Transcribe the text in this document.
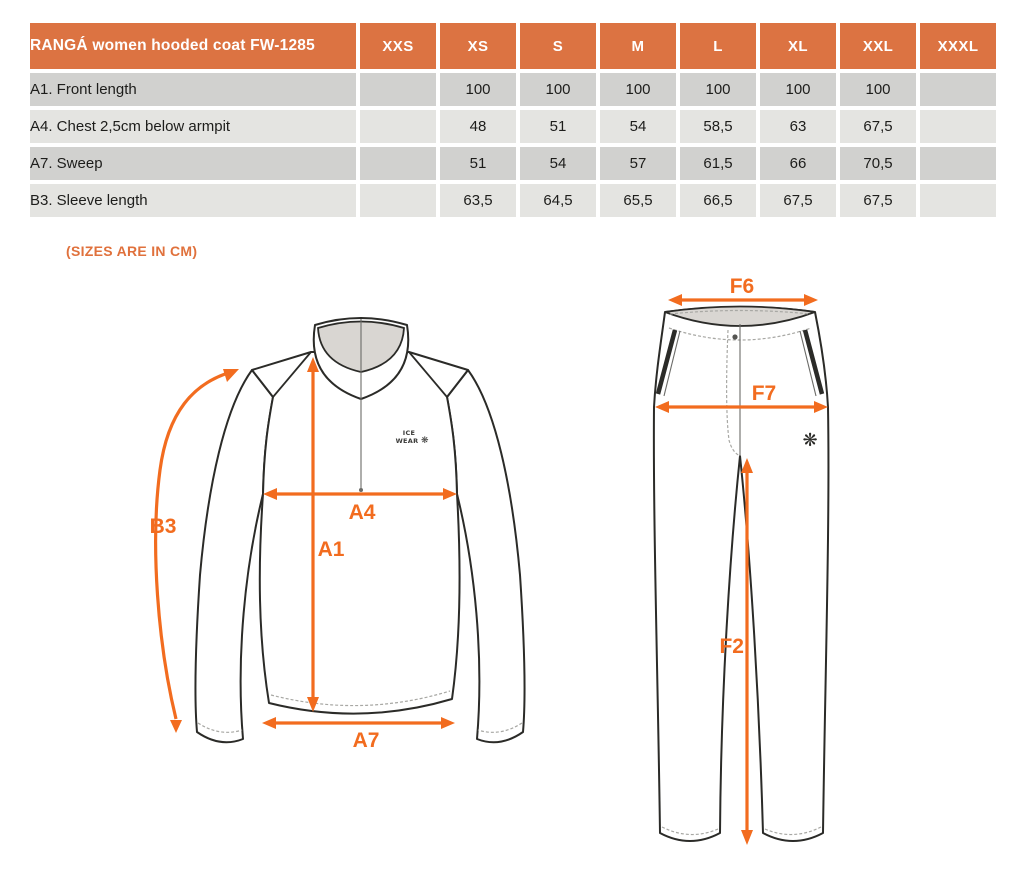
RANGÁ women hooded coat FW-1285	XXS	XS	S	M	L	XL	XXL	XXXL
A1. Front length		100	100	100	100	100	100	
A4. Chest 2,5cm below armpit		48	51	54	58,5	63	67,5	
A7. Sweep		51	54	57	61,5	66	70,5	
B3. Sleeve length		63,5	64,5	65,5	66,5	67,5	67,5	
(SIZES ARE IN CM)
ICE
WEAR ❋
B3
A4
A1
A7
❋
F6
F7
F2
